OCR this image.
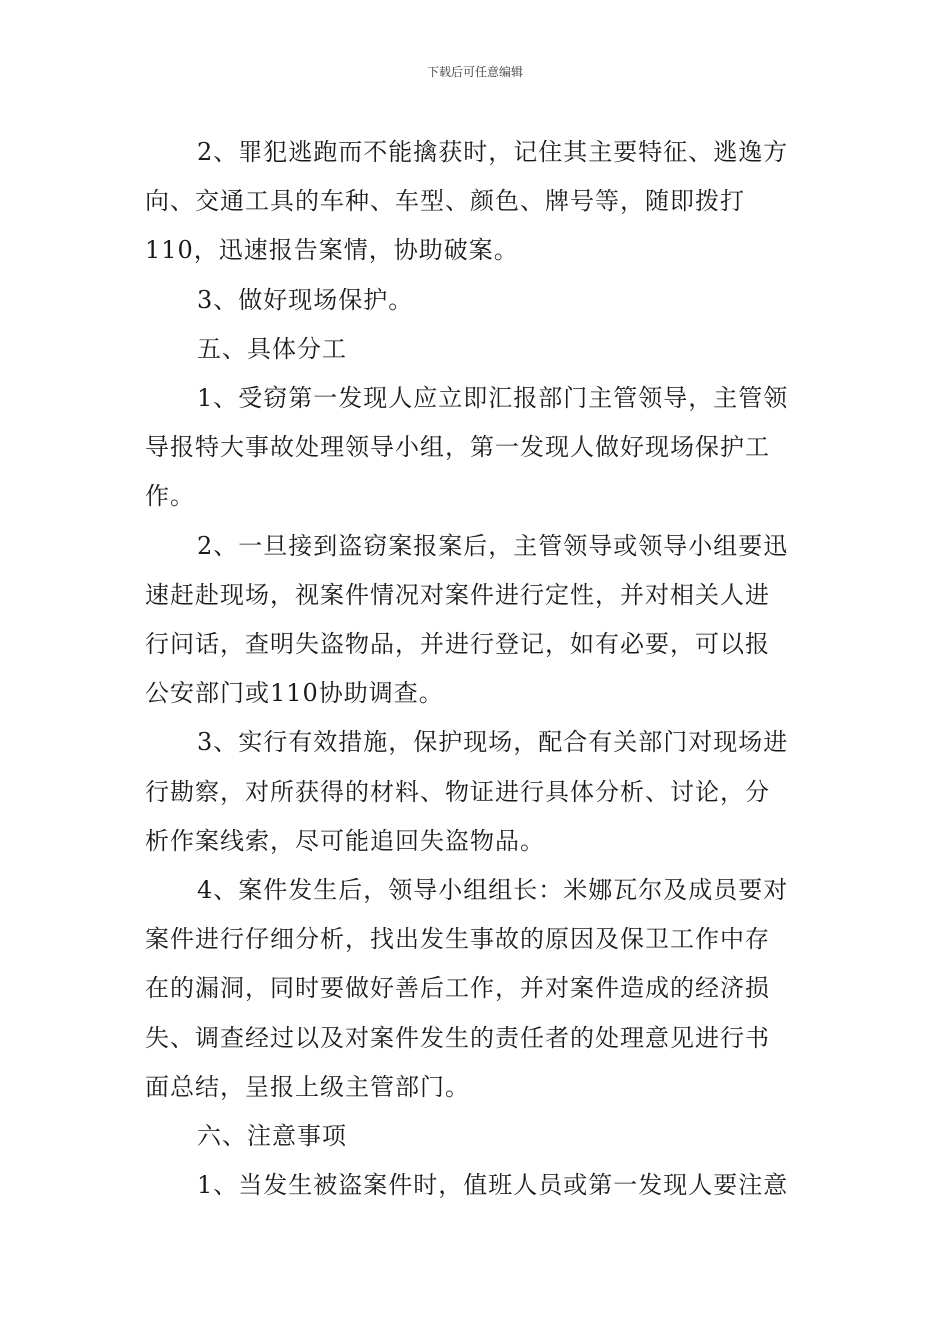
下载后可任意编辑
2、罪犯逃跑而不能擒获时，记住其主要特征、逃逸方
向、交通工具的车种、车型、颜色、牌号等，随即拨打
110，迅速报告案情，协助破案。
3、做好现场保护。
五、具体分工
1、受窃第一发现人应立即汇报部门主管领导，主管领
导报特大事故处理领导小组，第一发现人做好现场保护工
作。
2、一旦接到盗窃案报案后，主管领导或领导小组要迅
速赶赴现场，视案件情况对案件进行定性，并对相关人进
行问话，查明失盗物品，并进行登记，如有必要，可以报
公安部门或110协助调查。
3、实行有效措施，保护现场，配合有关部门对现场进
行勘察，对所获得的材料、物证进行具体分析、讨论，分
析作案线索，尽可能追回失盗物品。
4、案件发生后，领导小组组长：米娜瓦尔及成员要对
案件进行仔细分析，找出发生事故的原因及保卫工作中存
在的漏洞，同时要做好善后工作，并对案件造成的经济损
失、调查经过以及对案件发生的责任者的处理意见进行书
面总结，呈报上级主管部门。
六、注意事项
1、当发生被盗案件时，值班人员或第一发现人要注意
